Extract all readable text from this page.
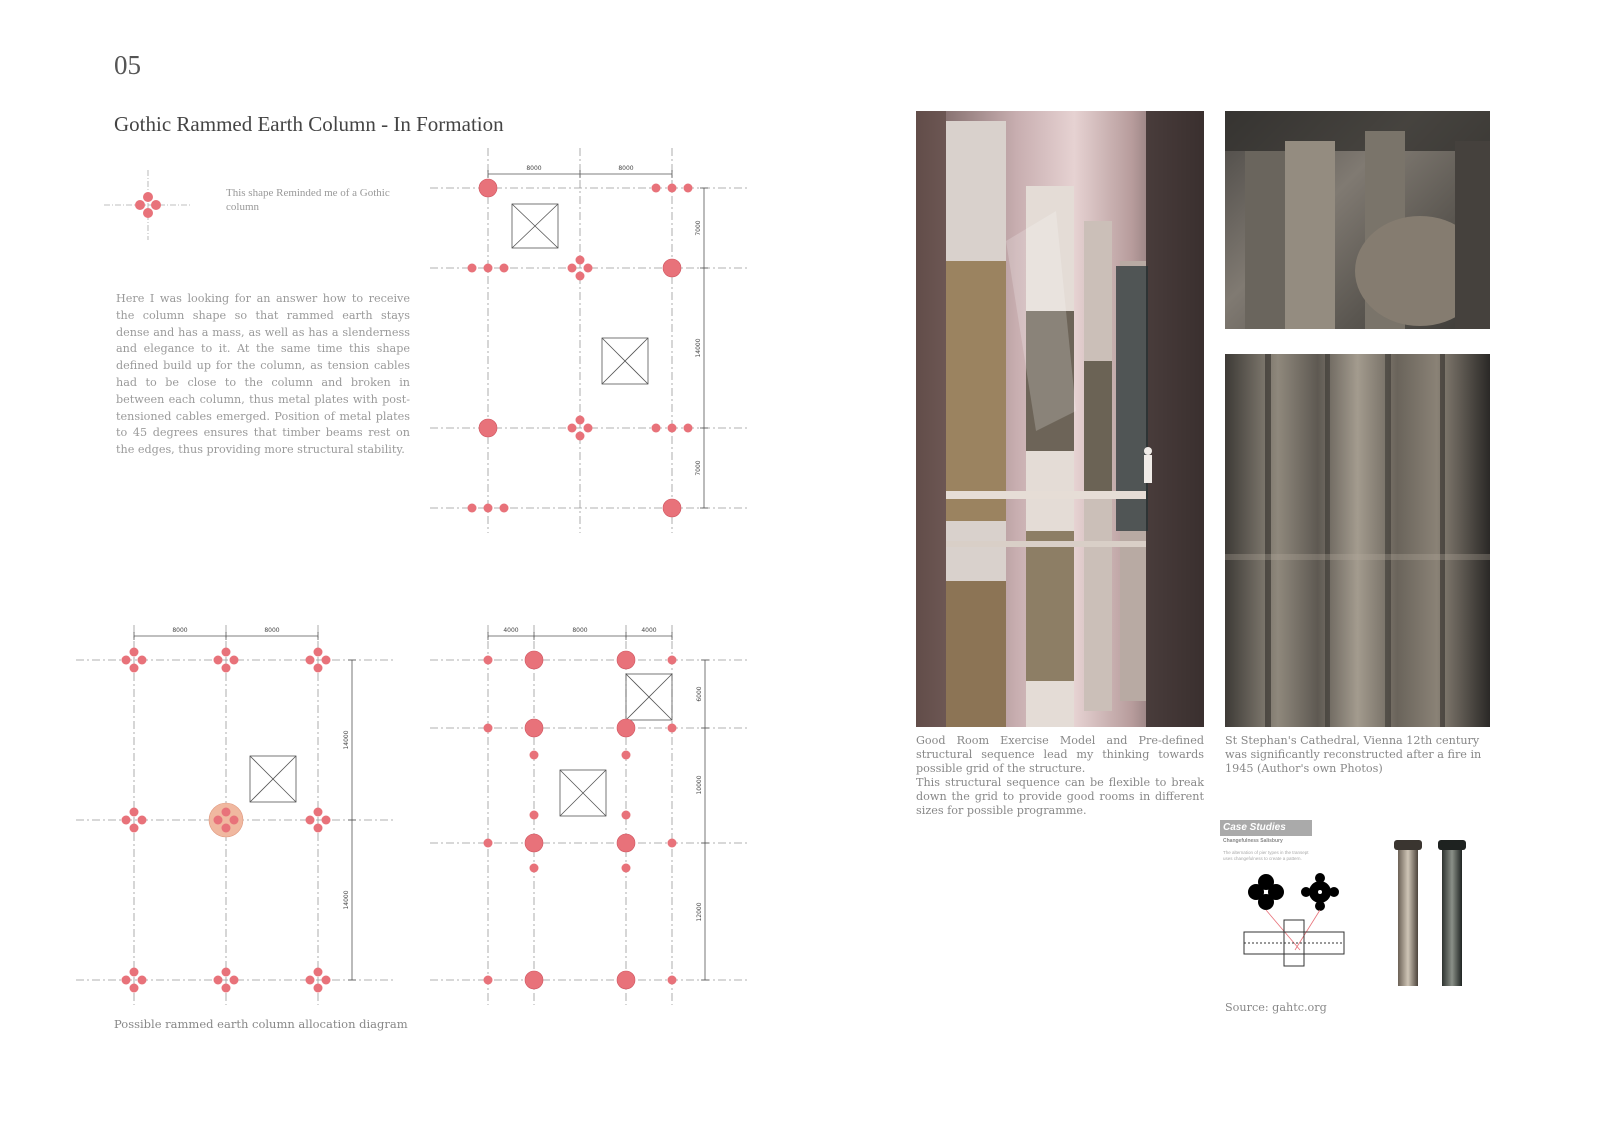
05
Gothic Rammed Earth Column - In Formation
This shape Reminded me of a Gothic column
Here I was looking for an answer how to receive the column shape so that rammed earth stays dense and has a mass, as well as has a slenderness and elegance to it. At the same time this shape defined build up for the column, as tension cables had to be close to the column and broken in between each column, thus metal plates with post-tensioned cables emerged. Position of metal plates to 45 degrees ensures that timber beams rest on the edges, thus providing more structural stability.
8000	8000
7000
14000
7000
8000	8000
14000
14000
4000	8000	4000
6000
10000
12000
Possible rammed earth column allocation diagram
Good Room Exercise Model and Pre-defined structural sequence lead my thinking towards possible grid of the structure.
This structural sequence can be flexible to break down the grid to provide good rooms in different sizes for possible programme.
St Stephan's Cathedral, Vienna 12th century was significantly reconstructed after a fire in 1945 (Author's own Photos)
Case Studies
Changefulness Salisbury
The alternation of pier types in the transept uses changefulness to create a pattern.
Source: gahtc.org
